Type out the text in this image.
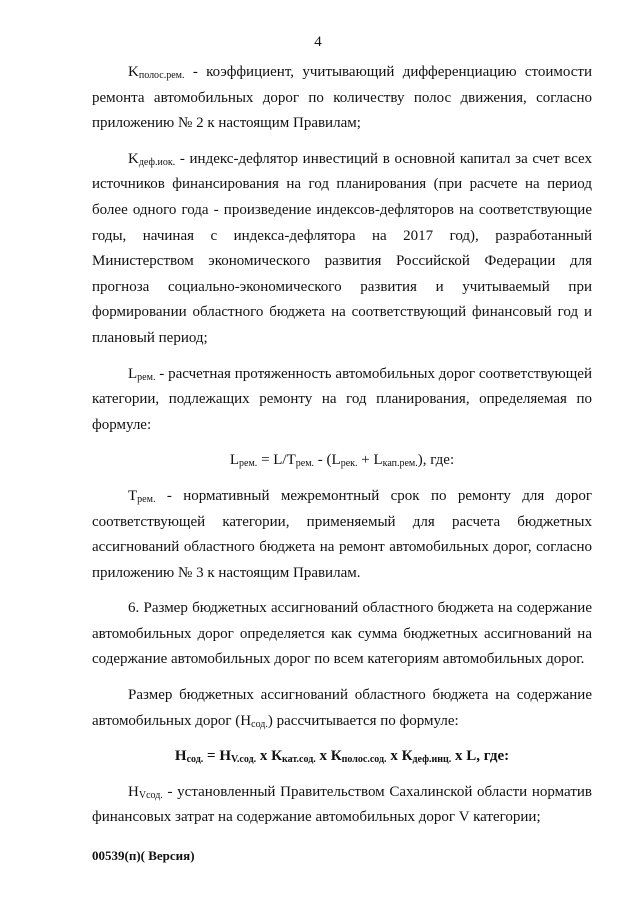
4
$K_{полос.рем.}$ - коэффициент, учитывающий дифференциацию стоимости ремонта автомобильных дорог по количеству полос движения, согласно приложению № 2 к настоящим Правилам;
$K_{деф.иок.}$ - индекс-дефлятор инвестиций в основной капитал за счет всех источников финансирования на год планирования (при расчете на период более одного года - произведение индексов-дефляторов на соответствующие годы, начиная с индекса-дефлятора на 2017 год), разработанный Министерством экономического развития Российской Федерации для прогноза социально-экономического развития и учитываемый при формировании областного бюджета на соответствующий финансовый год и плановый период;
$L_{рем.}$ - расчетная протяженность автомобильных дорог соответствующей категории, подлежащих ремонту на год планирования, определяемая по формуле:
$L_{рем.} = L/T_{рем.} - (L_{рек.} + L_{кап.рем.})$, где:
$T_{рем.}$ - нормативный межремонтный срок по ремонту для дорог соответствующей категории, применяемый для расчета бюджетных ассигнований областного бюджета на ремонт автомобильных дорог, согласно приложению № 3 к настоящим Правилам.
6. Размер бюджетных ассигнований областного бюджета на содержание автомобильных дорог определяется как сумма бюджетных ассигнований на содержание автомобильных дорог по всем категориям автомобильных дорог.
Размер бюджетных ассигнований областного бюджета на содержание автомобильных дорог $(Н_{сод.})$ рассчитывается по формуле:
$Н_{сод.} = Н_{V.сод.}$ х $К_{кат.сод.}$ х $К_{полос.сод.}$ х $К_{деф.инц.}$ х L, где:
$Н_{Vсод.}$ - установленный Правительством Сахалинской области норматив финансовых затрат на содержание автомобильных дорог V категории;
00539(п)( Версия)
